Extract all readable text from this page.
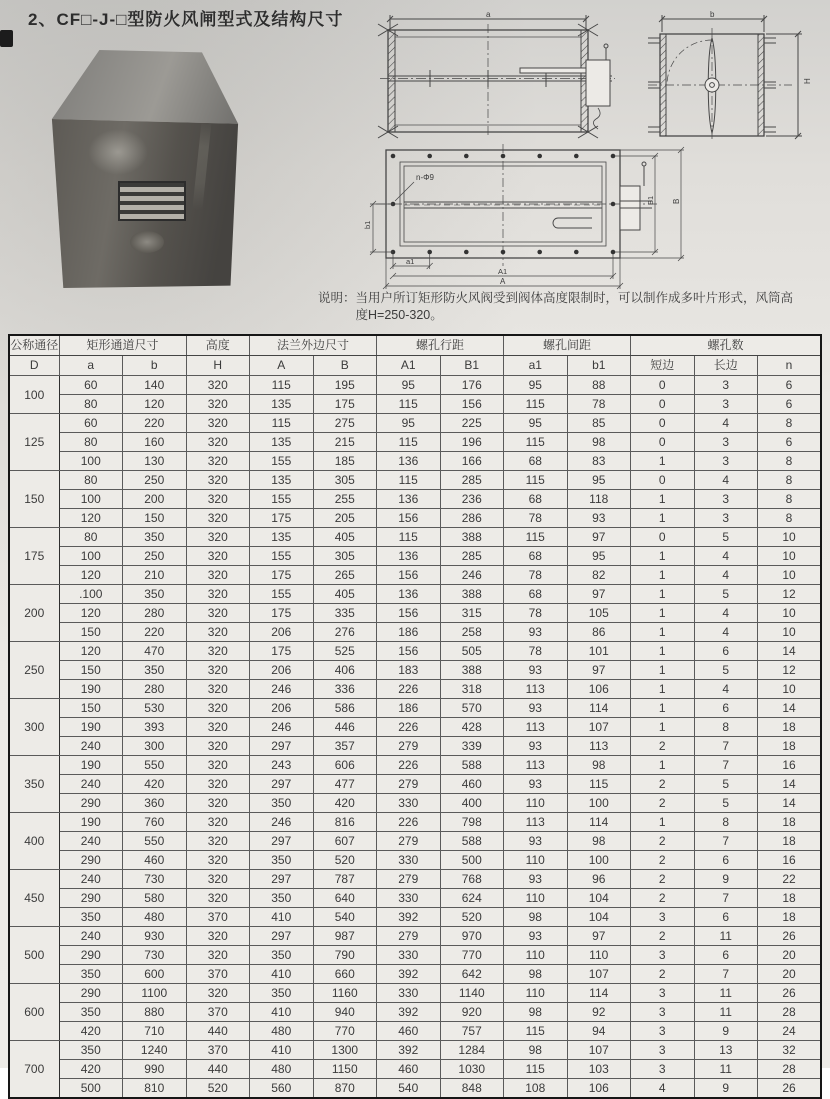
2、CF□-J-□型防火风闸型式及结构尺寸	a	b
H
n-Φ9
b1
a1
A1
A
B1 B
说明： 当用户所订矩形防火风阀受到阀体高度限制时，可以制作成多叶片形式，风筒高
度H=250-320。
公称通径	矩形通道尺寸		高度	法兰外边尺寸		螺孔行距		螺孔间距		螺孔数		
D	a	b	H	A	B	A1	B1	a1	b1	短边	长边	n
100	60	140	320	115	195	95	176	95	88	0	3	6
	80	120	320	135	175	115	156	115	78	0	3	6
125	60	220	320	115	275	95	225	95	85	0	4	8
	80	160	320	135	215	115	196	115	98	0	3	6
	100	130	320	155	185	136	166	68	83	1	3	8
150	80	250	320	135	305	115	285	115	95	0	4	8
	100	200	320	155	255	136	236	68	118	1	3	8
	120	150	320	175	205	156	286	78	93	1	3	8
175	80	350	320	135	405	115	388	115	97	0	5	10
	100	250	320	155	305	136	285	68	95	1	4	10
	120	210	320	175	265	156	246	78	82	1	4	10
200	.100	350	320	155	405	136	388	68	97	1	5	12
	120	280	320	175	335	156	315	78	105	1	4	10
	150	220	320	206	276	186	258	93	86	1	4	10
250	120	470	320	175	525	156	505	78	101	1	6	14
	150	350	320	206	406	183	388	93	97	1	5	12
	190	280	320	246	336	226	318	113	106	1	4	10
300	150	530	320	206	586	186	570	93	114	1	6	14
	190	393	320	246	446	226	428	113	107	1	8	18
	240	300	320	297	357	279	339	93	113	2	7	18
350	190	550	320	243	606	226	588	113	98	1	7	16
	240	420	320	297	477	279	460	93	115	2	5	14
	290	360	320	350	420	330	400	110	100	2	5	14
400	190	760	320	246	816	226	798	113	114	1	8	18
	240	550	320	297	607	279	588	93	98	2	7	18
	290	460	320	350	520	330	500	110	100	2	6	16
450	240	730	320	297	787	279	768	93	96	2	9	22
	290	580	320	350	640	330	624	110	104	2	7	18
	350	480	370	410	540	392	520	98	104	3	6	18
500	240	930	320	297	987	279	970	93	97	2	11	26
	290	730	320	350	790	330	770	110	110	3	6	20
	350	600	370	410	660	392	642	98	107	2	7	20
600	290	1100	320	350	1160	330	1140	110	114	3	11	26
	350	880	370	410	940	392	920	98	92	3	11	28
	420	710	440	480	770	460	757	115	94	3	9	24
700	350	1240	370	410	1300	392	1284	98	107	3	13	32
	420	990	440	480	1150	460	1030	115	103	3	11	28
	500	810	520	560	870	540	848	108	106	4	9	26
